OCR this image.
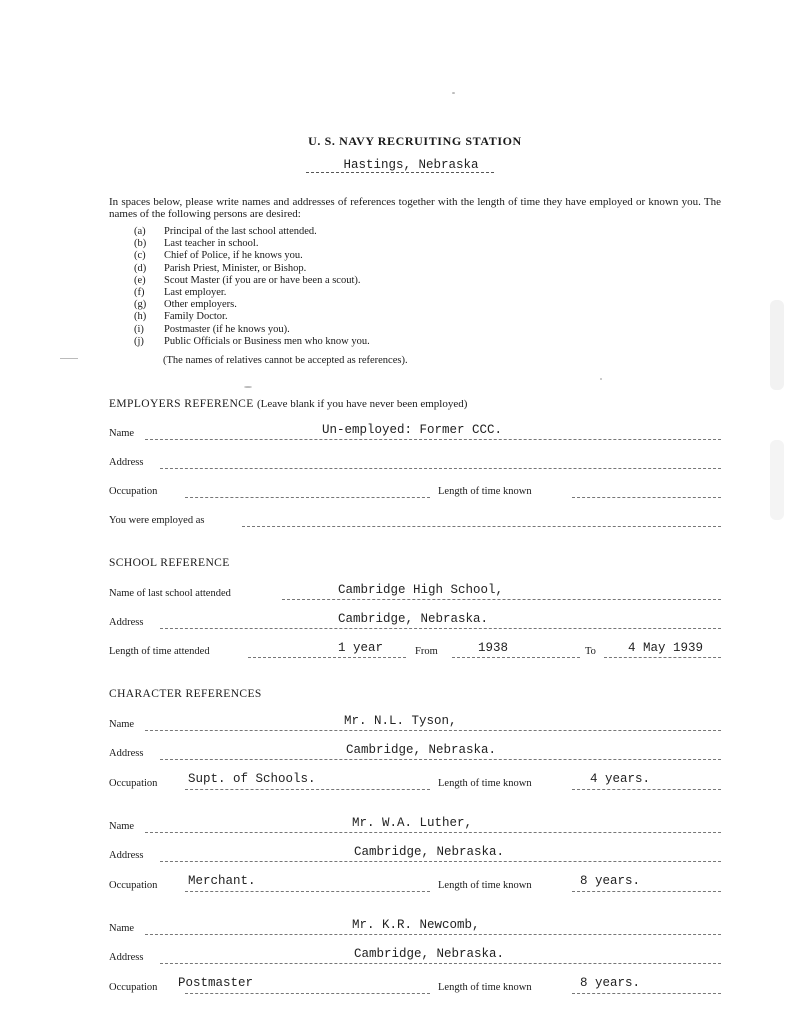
U. S. NAVY RECRUITING STATION
Hastings, Nebraska
In spaces below, please write names and addresses of references together with the length of time they have employed or known you. The names of the following persons are desired:
(a)	Principal of the last school attended.
(b)	Last teacher in school.
(c)	Chief of Police, if he knows you.
(d)	Parish Priest, Minister, or Bishop.
(e)	Scout Master (if you are or have been a scout).
(f)	Last employer.
(g)	Other employers.
(h)	Family Doctor.
(i)	Postmaster (if he knows you).
(j)	Public Officials or Business men who know you.
(The names of relatives cannot be accepted as references).
EMPLOYERS REFERENCE (Leave blank if you have never been employed)
Name	Un-employed: Former CCC.
Address
Occupation	Length of time known
You were employed as
SCHOOL REFERENCE
Name of last school attended	Cambridge High School,
Address	Cambridge, Nebraska.
Length of time attended	1 year	From	1938	To	4 May 1939
CHARACTER REFERENCES
Name	Mr. N.L. Tyson,
Address	Cambridge, Nebraska.
Occupation Supt. of Schools.	Length of time known	4 years.
Name	Mr. W.A. Luther,
Address	Cambridge, Nebraska.
Occupation Merchant.	Length of time known	8 years.
Name	Mr. K.R. Newcomb,
Address	Cambridge, Nebraska.
Occupation Postmaster	Length of time known	8 years.
